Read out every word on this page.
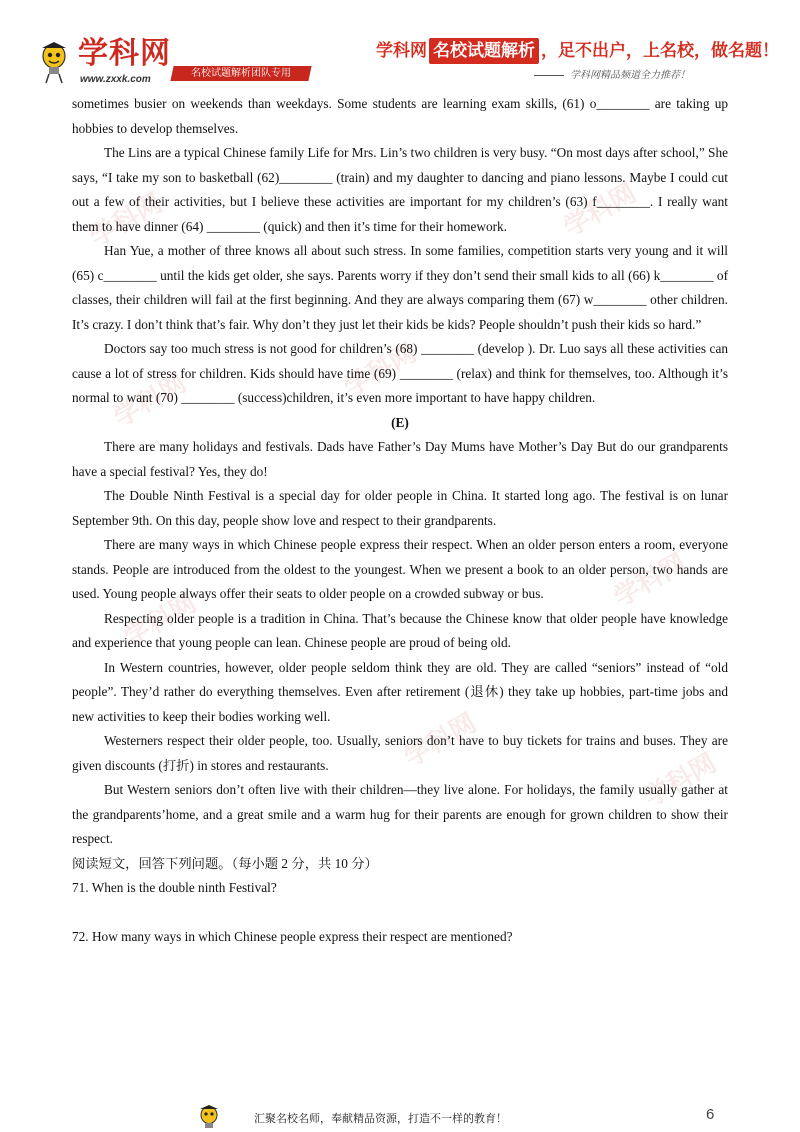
学科网
www.zxxk.com
名校试题解析团队专用
学科网 名校试题解析 ，足不出户，上名校，做名题！
学科网精品频道全力推荐！
学科网	学科网
学科网	学科网
学科网
学科网
学科网
学科网

sometimes busier on weekends than weekdays. Some students are learning exam skills, (61) o________ are taking up hobbies to develop themselves.

The Lins are a typical Chinese family Life for Mrs. Lin’s two children is very busy. “On most days after school,” She says, “I take my son to basketball (62)________ (train) and my daughter to dancing and piano lessons. Maybe I could cut out a few of their activities, but I believe these activities are important for my children’s (63) f________. I really want them to have dinner (64) ________ (quick) and then it’s time for their homework.

Han Yue, a mother of three knows all about such stress. In some families, competition starts very young and it will (65) c________ until the kids get older, she says. Parents worry if they don’t send their small kids to all (66) k________ of classes, their children will fail at the first beginning. And they are always comparing them (67) w________ other children. It’s crazy. I don’t think that’s fair. Why don’t they just let their kids be kids? People shouldn’t push their kids so hard.”

Doctors say too much stress is not good for children’s (68) ________ (develop ). Dr. Luo says all these activities can cause a lot of stress for children. Kids should have time (69) ________ (relax) and think for themselves, too. Although it’s normal to want (70) ________ (success)children, it’s even more important to have happy children.

(E)

There are many holidays and festivals. Dads have Father’s Day Mums have Mother’s Day But do our grandparents have a special festival? Yes, they do!

The Double Ninth Festival is a special day for older people in China. It started long ago. The festival is on lunar September 9th. On this day, people show love and respect to their grandparents.

There are many ways in which Chinese people express their respect. When an older person enters a room, everyone stands. People are introduced from the oldest to the youngest. When we present a book to an older person, two hands are used. Young people always offer their seats to older people on a crowded subway or bus.

Respecting older people is a tradition in China. That’s because the Chinese know that older people have knowledge and experience that young people can lean. Chinese people are proud of being old.

In Western countries, however, older people seldom think they are old. They are called “seniors” instead of “old people”. They’d rather do everything themselves. Even after retirement (退休) they take up hobbies, part-time jobs and new activities to keep their bodies working well.

Westerners respect their older people, too. Usually, seniors don’t have to buy tickets for trains and buses. They are given discounts (打折) in stores and restaurants.

But Western seniors don’t often live with their children—they live alone. For holidays, the family usually gather at the grandparents’home, and a great smile and a warm hug for their parents are enough for grown children to show their respect.

阅读短文，回答下列问题。（每小题 2 分，共 10 分）

71. When is the double ninth Festival?

72. How many ways in which Chinese people express their respect are mentioned?

汇聚名校名师，奉献精品资源，打造不一样的教育！	6
